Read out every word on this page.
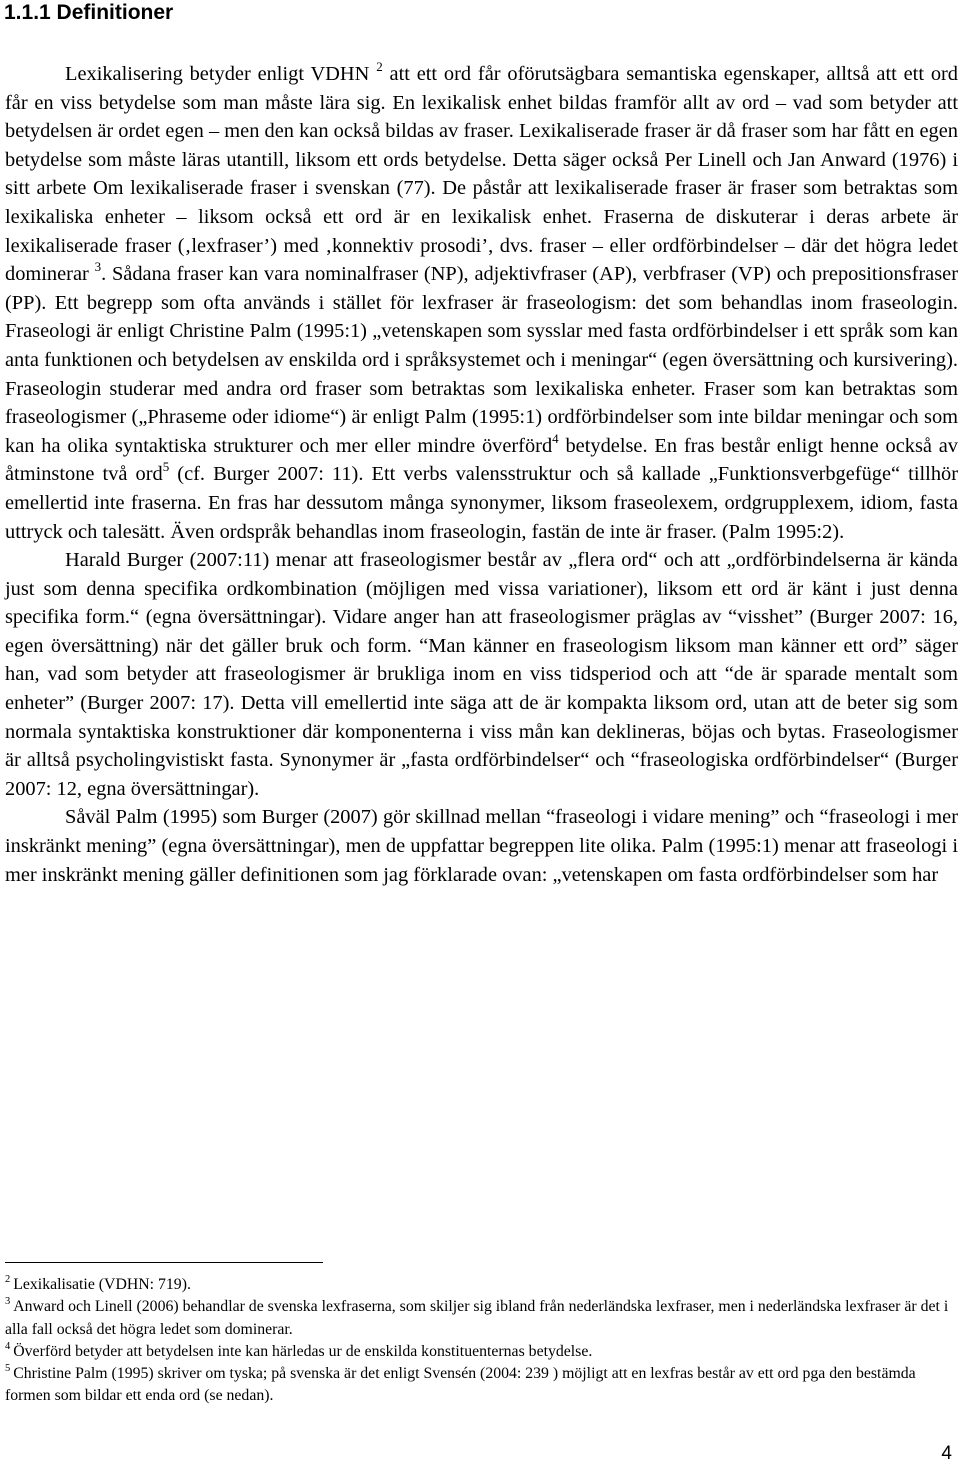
1.1.1 Definitioner

Lexikalisering betyder enligt VDHN $^2$ att ett ord får oförutsägbara semantiska egenskaper, alltså att ett ord får en viss betydelse som man måste lära sig. En lexikalisk enhet bildas framför allt av ord – vad som betyder att betydelsen är ordet egen – men den kan också bildas av fraser. Lexikaliserade fraser är då fraser som har fått en egen betydelse som måste läras utantill, liksom ett ords betydelse. Detta säger också Per Linell och Jan Anward (1976) i sitt arbete Om lexikaliserade fraser i svenskan (77). De påstår att lexikaliserade fraser är fraser som betraktas som lexikaliska enheter – liksom också ett ord är en lexikalisk enhet. Fraserna de diskuterar i deras arbete är lexikaliserade fraser (‚lexfraser’) med ‚konnektiv prosodi’, dvs. fraser – eller ordförbindelser – där det högra ledet dominerar $^3$. Sådana fraser kan vara nominalfraser (NP), adjektivfraser (AP), verbfraser (VP) och prepositionsfraser (PP). Ett begrepp som ofta används i stället för lexfraser är fraseologism: det som behandlas inom fraseologin. Fraseologi är enligt Christine Palm (1995:1) „vetenskapen som sysslar med fasta ordförbindelser i ett språk som kan anta funktionen och betydelsen av enskilda ord i språksystemet och i meningar“ (egen översättning och kursivering). Fraseologin studerar med andra ord fraser som betraktas som lexikaliska enheter. Fraser som kan betraktas som fraseologismer („Phraseme oder idiome“) är enligt Palm (1995:1) ordförbindelser som inte bildar meningar och som kan ha olika syntaktiska strukturer och mer eller mindre överförd$^4$ betydelse. En fras består enligt henne också av åtminstone två ord$^5$ (cf. Burger 2007: 11). Ett verbs valensstruktur och så kallade „Funktionsverbgefüge“ tillhör emellertid inte fraserna. En fras har dessutom många synonymer, liksom fraseolexem, ordgrupplexem, idiom, fasta uttryck och talesätt. Även ordspråk behandlas inom fraseologin, fastän de inte är fraser. (Palm 1995:2).

Harald Burger (2007:11) menar att fraseologismer består av „flera ord“ och att „ordförbindelserna är kända just som denna specifika ordkombination (möjligen med vissa variationer), liksom ett ord är känt i just denna specifika form.“ (egna översättningar). Vidare anger han att fraseologismer präglas av “visshet” (Burger 2007: 16, egen översättning) när det gäller bruk och form. “Man känner en fraseologism liksom man känner ett ord” säger han, vad som betyder att fraseologismer är brukliga inom en viss tidsperiod och att “de är sparade mentalt som enheter” (Burger 2007: 17). Detta vill emellertid inte säga att de är kompakta liksom ord, utan att de beter sig som normala syntaktiska konstruktioner där komponenterna i viss mån kan deklineras, böjas och bytas. Fraseologismer är alltså psycholingvistiskt fasta. Synonymer är „fasta ordförbindelser“ och “fraseologiska ordförbindelser“ (Burger 2007: 12, egna översättningar).

Såväl Palm (1995) som Burger (2007) gör skillnad mellan “fraseologi i vidare mening” och “fraseologi i mer inskränkt mening” (egna översättningar), men de uppfattar begreppen lite olika. Palm (1995:1) menar att fraseologi i mer inskränkt mening gäller definitionen som jag förklarade ovan: „vetenskapen om fasta ordförbindelser som har

$^2$ Lexikalisatie (VDHN: 719).

$^3$ Anward och Linell (2006) behandlar de svenska lexfraserna, som skiljer sig ibland från nederländska lexfraser, men i nederländska lexfraser är det i alla fall också det högra ledet som dominerar.

$^4$ Överförd betyder att betydelsen inte kan härledas ur de enskilda konstituenternas betydelse.

$^5$ Christine Palm (1995) skriver om tyska; på svenska är det enligt Svensén (2004: 239 ) möjligt att en lexfras består av ett ord pga den bestämda formen som bildar ett enda ord (se nedan).

4
